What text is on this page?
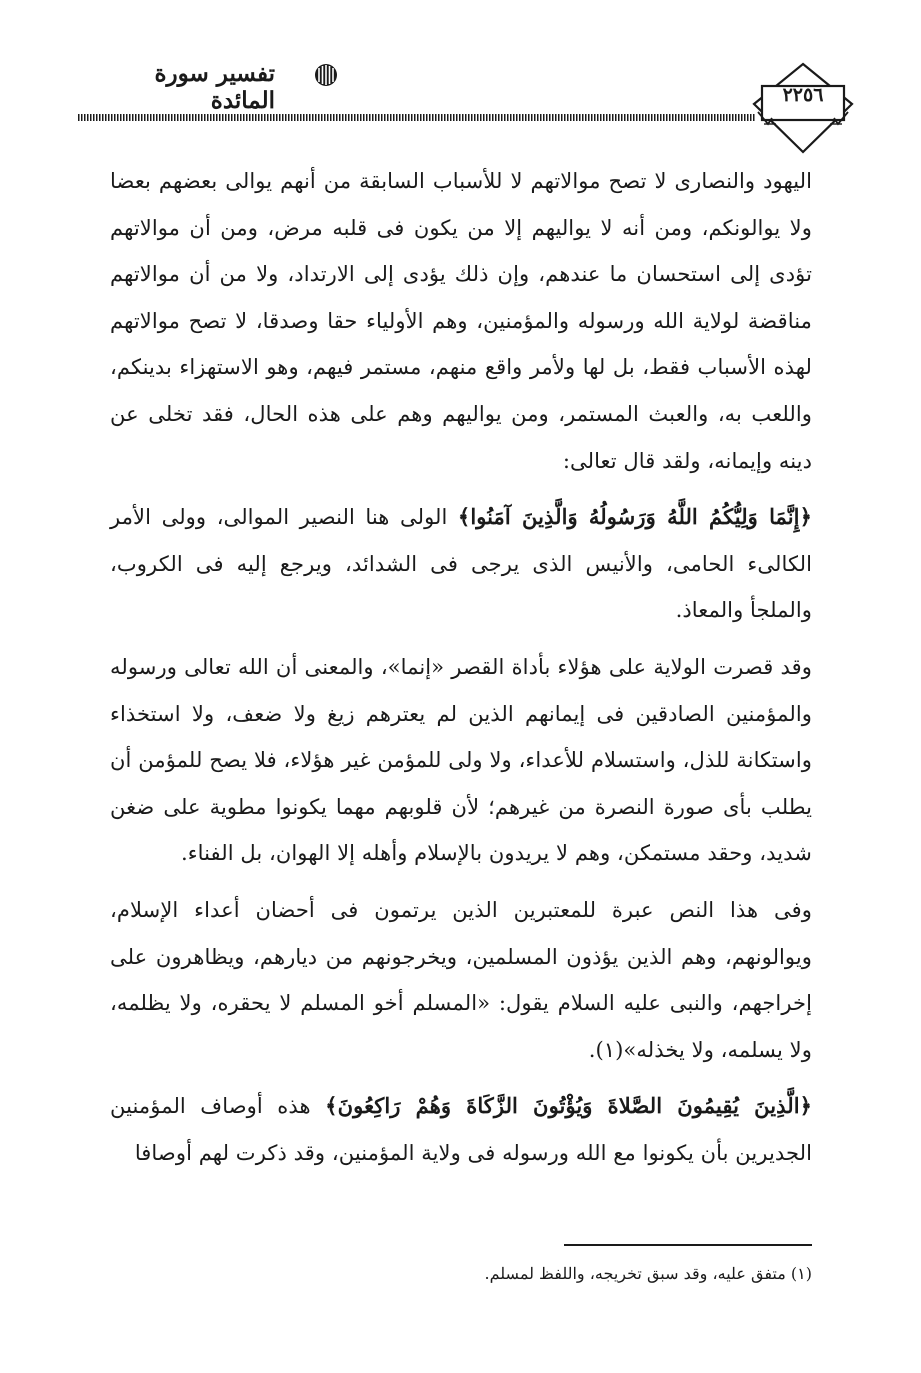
تفسير سورة المائدة	٢٢٥٦

اليهود والنصارى لا تصح موالاتهم لا للأسباب السابقة من أنهم يوالى بعضهم بعضا ولا يوالونكم، ومن أنه لا يواليهم إلا من يكون فى قلبه مرض، ومن أن موالاتهم تؤدى إلى استحسان ما عندهم، وإن ذلك يؤدى إلى الارتداد، ولا من أن موالاتهم مناقضة لولاية الله ورسوله والمؤمنين، وهم الأولياء حقا وصدقا، لا تصح موالاتهم لهذه الأسباب فقط، بل لها ولأمر واقع منهم، مستمر فيهم، وهو الاستهزاء بدينكم، واللعب به، والعبث المستمر، ومن يواليهم وهم على هذه الحال، فقد تخلى عن دينه وإيمانه، ولقد قال تعالى:

﴿إِنَّمَا وَلِيُّكُمُ اللَّهُ وَرَسُولُهُ وَالَّذِينَ آمَنُوا﴾ الولى هنا النصير الموالى، وولى الأمر الكالىء الحامى، والأنيس الذى يرجى فى الشدائد، ويرجع إليه فى الكروب، والملجأ والمعاذ.

وقد قصرت الولاية على هؤلاء بأداة القصر «إنما»، والمعنى أن الله تعالى ورسوله والمؤمنين الصادقين فى إيمانهم الذين لم يعترهم زيغ ولا ضعف، ولا استخذاء واستكانة للذل، واستسلام للأعداء، ولا ولى للمؤمن غير هؤلاء، فلا يصح للمؤمن أن يطلب بأى صورة النصرة من غيرهم؛ لأن قلوبهم مهما يكونوا مطوية على ضغن شديد، وحقد مستمكن، وهم لا يريدون بالإسلام وأهله إلا الهوان، بل الفناء.

وفى هذا النص عبرة للمعتبرين الذين يرتمون فى أحضان أعداء الإسلام، ويوالونهم، وهم الذين يؤذون المسلمين، ويخرجونهم من ديارهم، ويظاهرون على إخراجهم، والنبى عليه السلام يقول: «المسلم أخو المسلم لا يحقره، ولا يظلمه، ولا يسلمه، ولا يخذله»(١).

﴿الَّذِينَ يُقِيمُونَ الصَّلاةَ وَيُؤْتُونَ الزَّكَاةَ وَهُمْ رَاكِعُونَ﴾ هذه أوصاف المؤمنين الجديرين بأن يكونوا مع الله ورسوله فى ولاية المؤمنين، وقد ذكرت لهم أوصافا

(١) متفق عليه، وقد سبق تخريجه، واللفظ لمسلم.
